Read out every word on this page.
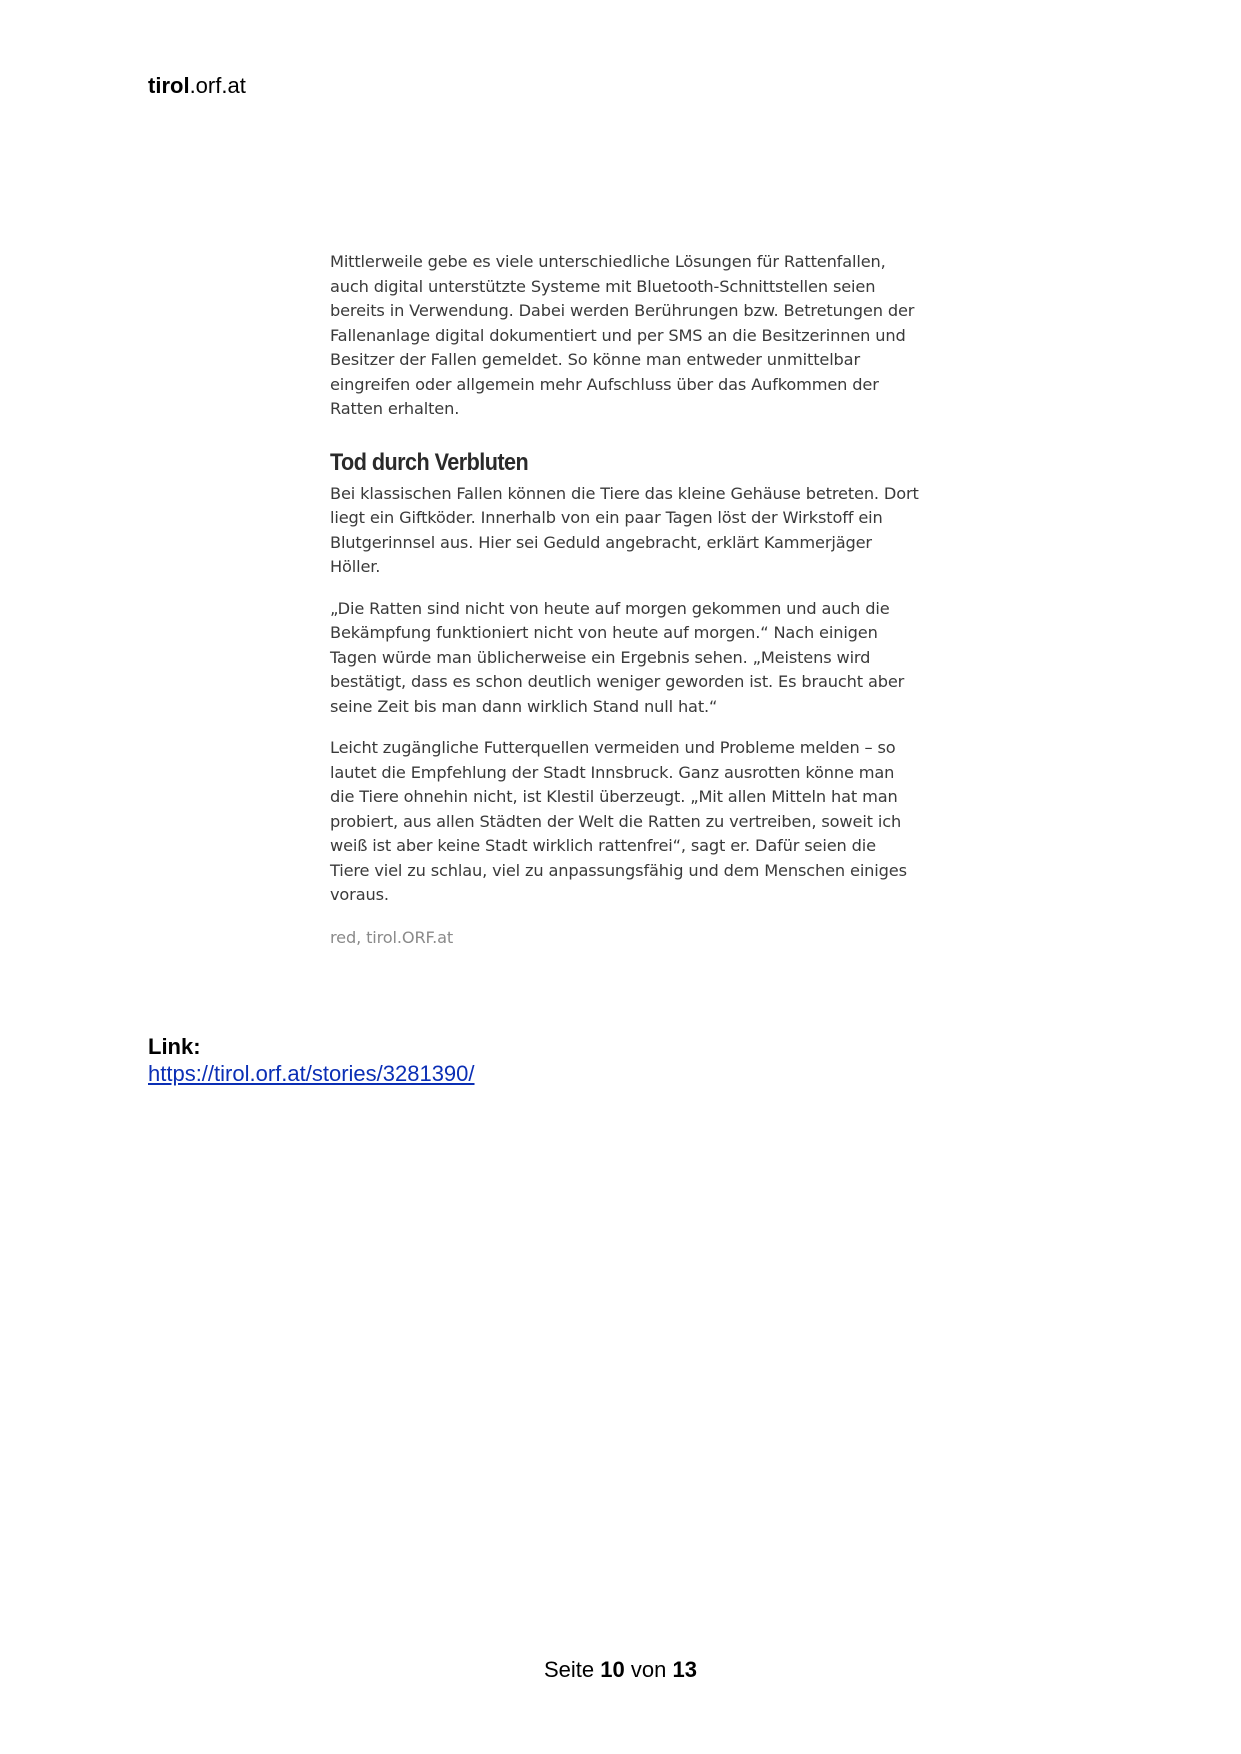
tirol.orf.at

Mittlerweile gebe es viele unterschiedliche Lösungen für Rattenfallen, auch digital unterstützte Systeme mit Bluetooth-Schnittstellen seien bereits in Verwendung. Dabei werden Berührungen bzw. Betretungen der Fallenanlage digital dokumentiert und per SMS an die Besitzerinnen und Besitzer der Fallen gemeldet. So könne man entweder unmittelbar eingreifen oder allgemein mehr Aufschluss über das Aufkommen der Ratten erhalten.

Tod durch Verbluten

Bei klassischen Fallen können die Tiere das kleine Gehäuse betreten. Dort liegt ein Giftköder. Innerhalb von ein paar Tagen löst der Wirkstoff ein Blutgerinnsel aus. Hier sei Geduld angebracht, erklärt Kammerjäger Höller.

„Die Ratten sind nicht von heute auf morgen gekommen und auch die Bekämpfung funktioniert nicht von heute auf morgen.“ Nach einigen Tagen würde man üblicherweise ein Ergebnis sehen. „Meistens wird bestätigt, dass es schon deutlich weniger geworden ist. Es braucht aber seine Zeit bis man dann wirklich Stand null hat.“

Leicht zugängliche Futterquellen vermeiden und Probleme melden – so lautet die Empfehlung der Stadt Innsbruck. Ganz ausrotten könne man die Tiere ohnehin nicht, ist Klestil überzeugt. „Mit allen Mitteln hat man probiert, aus allen Städten der Welt die Ratten zu vertreiben, soweit ich weiß ist aber keine Stadt wirklich rattenfrei“, sagt er. Dafür seien die Tiere viel zu schlau, viel zu anpassungsfähig und dem Menschen einiges voraus.

red, tirol.ORF.at

Link:
https://tirol.orf.at/stories/3281390/
Seite 10 von 13
